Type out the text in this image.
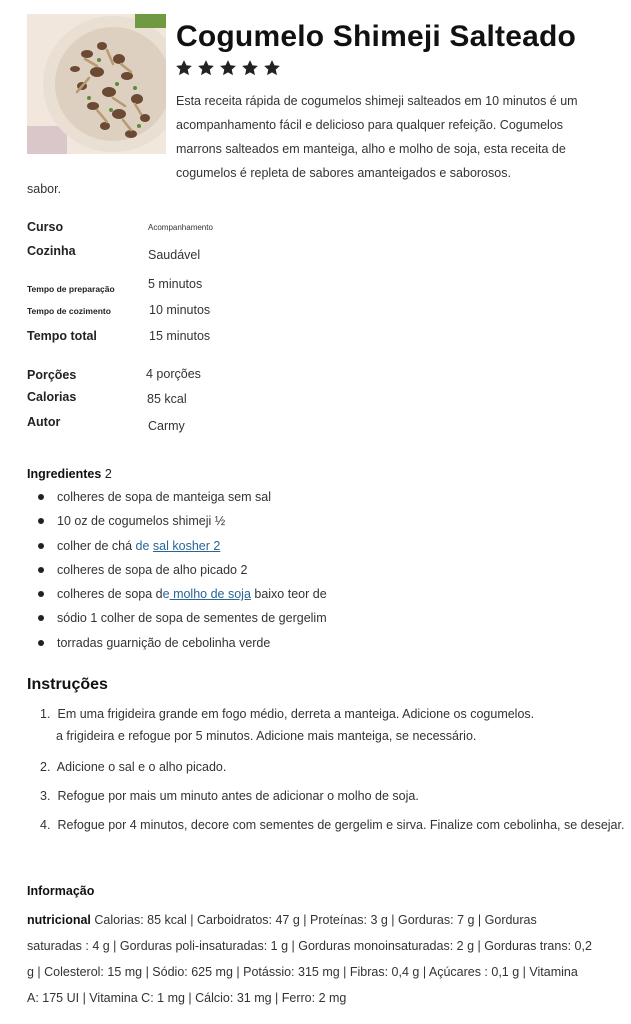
Cogumelo Shimeji Salteado

Esta receita rápida de cogumelos shimeji salteados em 10 minutos é um acompanhamento fácil e delicioso para qualquer refeição. Cogumelos marrons salteados em manteiga, alho e molho de soja, esta receita de cogumelos é repleta de sabores amanteigados e saborosos.

sabor.
Curso	Acompanhamento
Cozinha	Saudável
Tempo de preparação	5 minutos
Tempo de cozimento	10 minutos
Tempo total	15 minutos
Porções	4 porções
Calorias	85 kcal
Autor	Carmy
Ingredientes 2
colheres de sopa de manteiga sem sal
10 oz de cogumelos shimeji ½
colher de chá de sal kosher 2
colheres de sopa de alho picado 2
colheres de sopa de molho de soja baixo teor de
sódio 1 colher de sopa de sementes de gergelim
torradas guarnição de cebolinha verde
Instruções
1. Em uma frigideira grande em fogo médio, derreta a manteiga. Adicione os cogumelos.
a frigideira e refogue por 5 minutos. Adicione mais manteiga, se necessário.
2. Adicione o sal e o alho picado.
3. Refogue por mais um minuto antes de adicionar o molho de soja.
4. Refogue por 4 minutos, decore com sementes de gergelim e sirva. Finalize com cebolinha, se desejar.
Informação

nutricional Calorias: 85 kcal | Carboidratos: 47 g | Proteínas: 3 g | Gorduras: 7 g | Gorduras saturadas : 4 g | Gorduras poli-insaturadas: 1 g | Gorduras monoinsaturadas: 2 g | Gorduras trans: 0,2 g | Colesterol: 15 mg | Sódio: 625 mg | Potássio: 315 mg | Fibras: 0,4 g | Açúcares : 0,1 g | Vitamina A: 175 UI | Vitamina C: 1 mg | Cálcio: 31 mg | Ferro: 2 mg
